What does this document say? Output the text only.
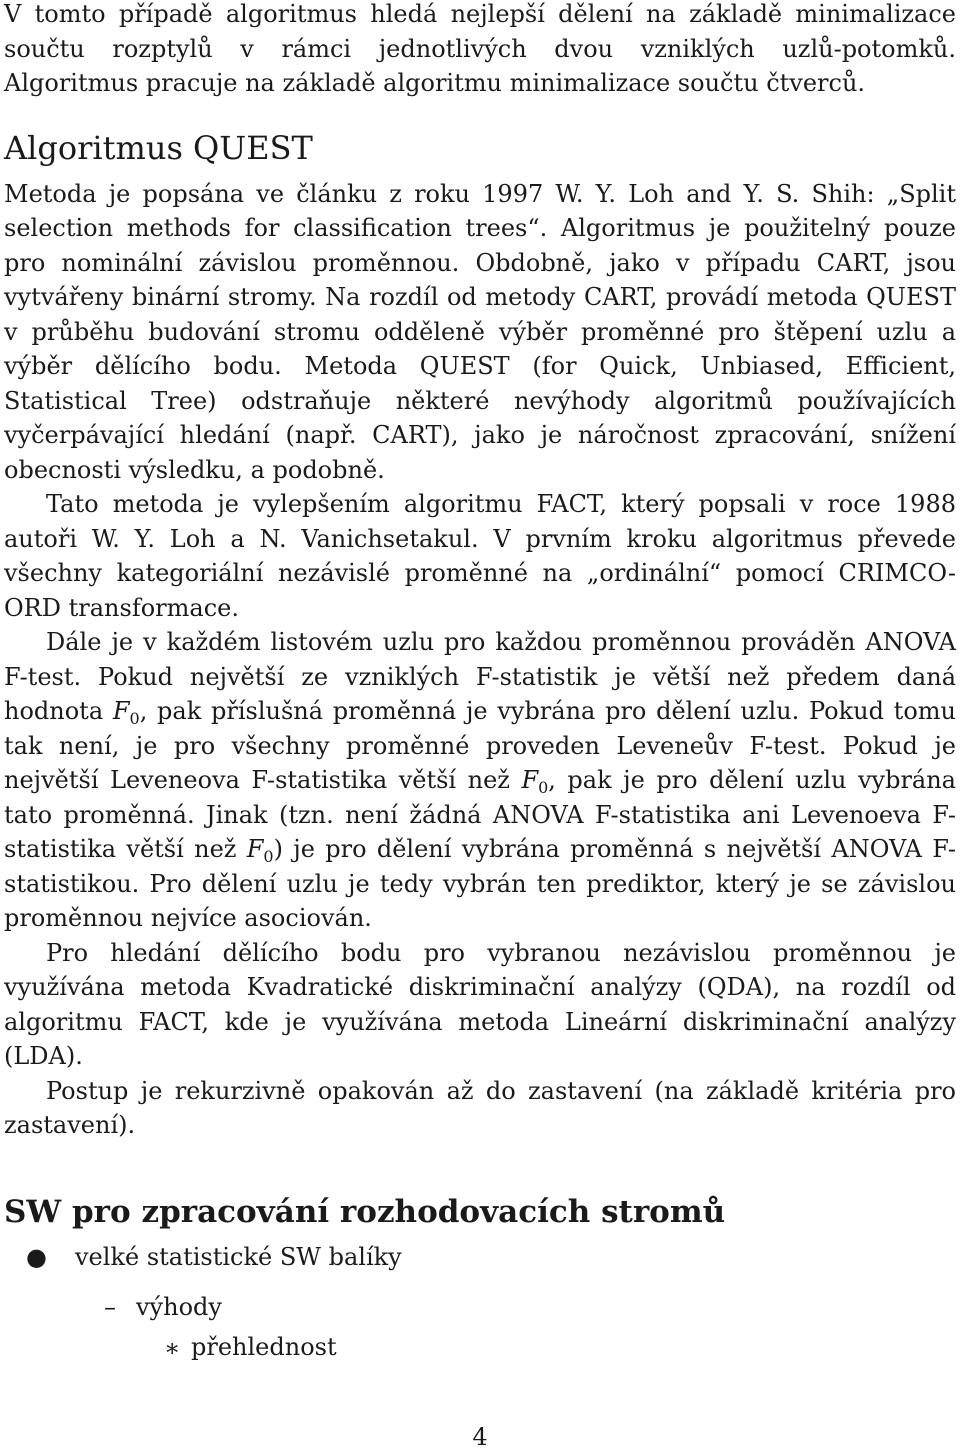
V tomto případě algoritmus hledá nejlepší dělení na základě minimalizace součtu rozptylů v rámci jednotlivých dvou vzniklých uzlů-potomků. Algoritmus pracuje na základě algoritmu minimalizace součtu čtverců.

Algoritmus QUEST

Metoda je popsána ve článku z roku 1997 W. Y. Loh and Y. S. Shih: „Split selection methods for classification trees“. Algoritmus je použitelný pouze pro nominální závislou proměnnou. Obdobně, jako v případu CART, jsou vytvářeny binární stromy. Na rozdíl od metody CART, provádí metoda QUEST v průběhu budování stromu odděleně výběr proměnné pro štěpení uzlu a výběr dělícího bodu. Metoda QUEST (for Quick, Unbiased, Efficient, Statistical Tree) odstraňuje některé nevýhody algoritmů používajících vyčerpávající hledání (např. CART), jako je náročnost zpracování, snížení obecnosti výsledku, a podobně.

Tato metoda je vylepšením algoritmu FACT, který popsali v roce 1988 autoři W. Y. Loh a N. Vanichsetakul. V prvním kroku algoritmus převede všechny kategoriální nezávislé proměnné na „ordinální“ pomocí CRIMCO-ORD transformace.

Dále je v každém listovém uzlu pro každou proměnnou prováděn ANOVA F-test. Pokud největší ze vzniklých F-statistik je větší než předem daná hodnota $F_0$, pak příslušná proměnná je vybrána pro dělení uzlu. Pokud tomu tak není, je pro všechny proměnné proveden Leveneův F-test. Pokud je největší Leveneova F-statistika větší než $F_0$, pak je pro dělení uzlu vybrána tato proměnná. Jinak (tzn. není žádná ANOVA F-statistika ani Levenoeva F-statistika větší než $F_0$) je pro dělení vybrána proměnná s největší ANOVA F-statistikou. Pro dělení uzlu je tedy vybrán ten prediktor, který je se závislou proměnnou nejvíce asociován.

Pro hledání dělícího bodu pro vybranou nezávislou proměnnou je využívána metoda Kvadratické diskriminační analýzy (QDA), na rozdíl od algoritmu FACT, kde je využívána metoda Lineární diskriminační analýzy (LDA).

Postup je rekurzivně opakován až do zastavení (na základě kritéria pro zastavení).

SW pro zpracování rozhodovacích stromů
● velké statistické SW balíky
– výhody
∗ přehlednost
4
